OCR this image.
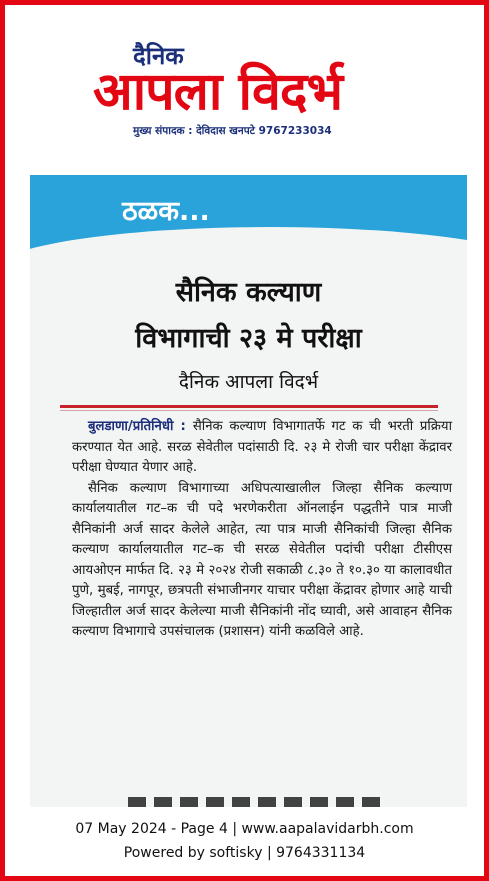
दैनिक
आपला विदर्भ
मुख्य संपादक : देविदास खनपटे 9767233034
ठळक...
सैनिक कल्याण
विभागाची २३ मे परीक्षा
दैनिक आपला विदर्भ

बुलडाणा/प्रतिनिधी : सैनिक कल्याण विभागातर्फे गट क ची भरती प्रक्रिया करण्यात येत आहे. सरळ सेवेतील पदांसाठी दि. २३ मे रोजी चार परीक्षा केंद्रावर परीक्षा घेण्यात येणार आहे.

सैनिक कल्याण विभागाच्या अधिपत्याखालील जिल्हा सैनिक कल्याण कार्यालयातील गट–क ची पदे भरणेकरीता ऑनलाईन पद्धतीने पात्र माजी सैनिकांनी अर्ज सादर केलेले आहेत, त्या पात्र माजी सैनिकांची जिल्हा सैनिक कल्याण कार्यालयातील गट–क ची सरळ सेवेतील पदांची परीक्षा टीसीएस आयओएन मार्फत दि. २३ मे २०२४ रोजी सकाळी ८.३० ते १०.३० या कालावधीत पुणे, मुबई, नागपूर, छत्रपती संभाजीनगर याचार परीक्षा केंद्रावर होणार आहे याची जिल्हातील अर्ज सादर केलेल्या माजी सैनिकांनी नोंद घ्यावी, असे आवाहन सैनिक कल्याण विभागाचे उपसंचालक (प्रशासन) यांनी कळविले आहे.

07 May 2024 - Page 4 | www.aapalavidarbh.com
Powered by softisky | 9764331134
